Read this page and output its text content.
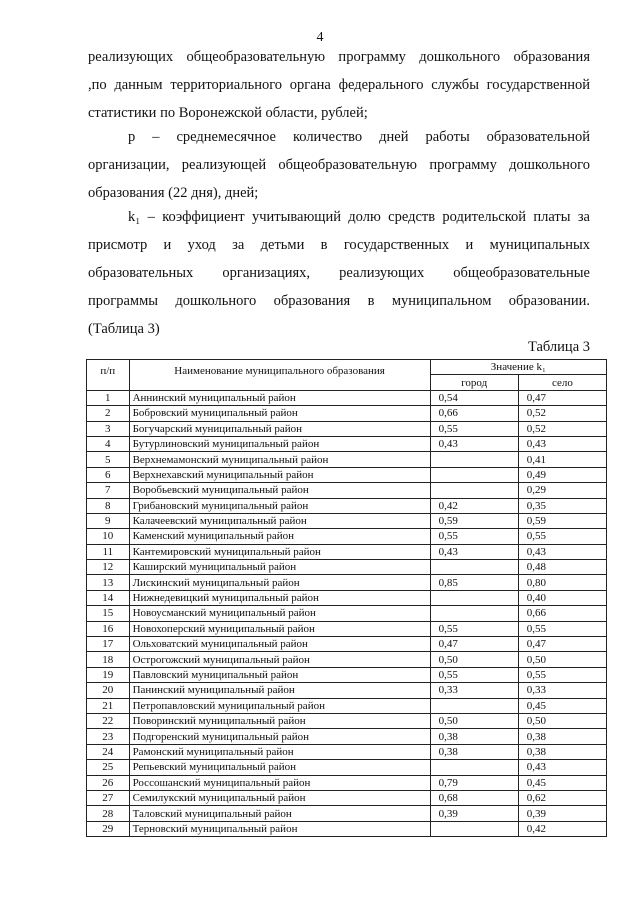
4
реализующих общеобразовательную программу дошкольного образования
,по данным территориального органа федерального службы государственной
статистики по Воронежской области, рублей;
р – среднемесячное количество дней работы образовательной
организации, реализующей общеобразовательную программу дошкольного
образования (22 дня), дней;
k₁ – коэффициент учитывающий долю средств родительской платы за
присмотр и уход за детьми в государственных и муниципальных
образовательных организациях, реализующих общеобразовательные
программы дошкольного образования в муниципальном образовании.
(Таблица 3)
Таблица 3
п/п	Наименование муниципального образования	Значение k₁	
		город	село
1	Аннинский муниципальный район	0,54	0,47
2	Бобровский муниципальный район	0,66	0,52
3	Богучарский муниципальный район	0,55	0,52
4	Бутурлиновский муниципальный район	0,43	0,43
5	Верхнемамонский муниципальный район		0,41
6	Верхнехавский муниципальный район		0,49
7	Воробьевский муниципальный район		0,29
8	Грибановский муниципальный район	0,42	0,35
9	Калачеевский муниципальный район	0,59	0,59
10	Каменский муниципальный район	0,55	0,55
11	Кантемировский муниципальный район	0,43	0,43
12	Каширский муниципальный район		0,48
13	Лискинский муниципальный район	0,85	0,80
14	Нижнедевицкий муниципальный район		0,40
15	Новоусманский муниципальный район		0,66
16	Новохоперский муниципальный район	0,55	0,55
17	Ольховатский муниципальный район	0,47	0,47
18	Острогожский муниципальный район	0,50	0,50
19	Павловский муниципальный район	0,55	0,55
20	Панинский муниципальный район	0,33	0,33
21	Петропавловский муниципальный район		0,45
22	Поворинский муниципальный район	0,50	0,50
23	Подгоренский муниципальный район	0,38	0,38
24	Рамонский муниципальный район	0,38	0,38
25	Репьевский муниципальный район		0,43
26	Россошанский муниципальный район	0,79	0,45
27	Семилукский муниципальный район	0,68	0,62
28	Таловский муниципальный район	0,39	0,39
29	Терновский муниципальный район		0,42
